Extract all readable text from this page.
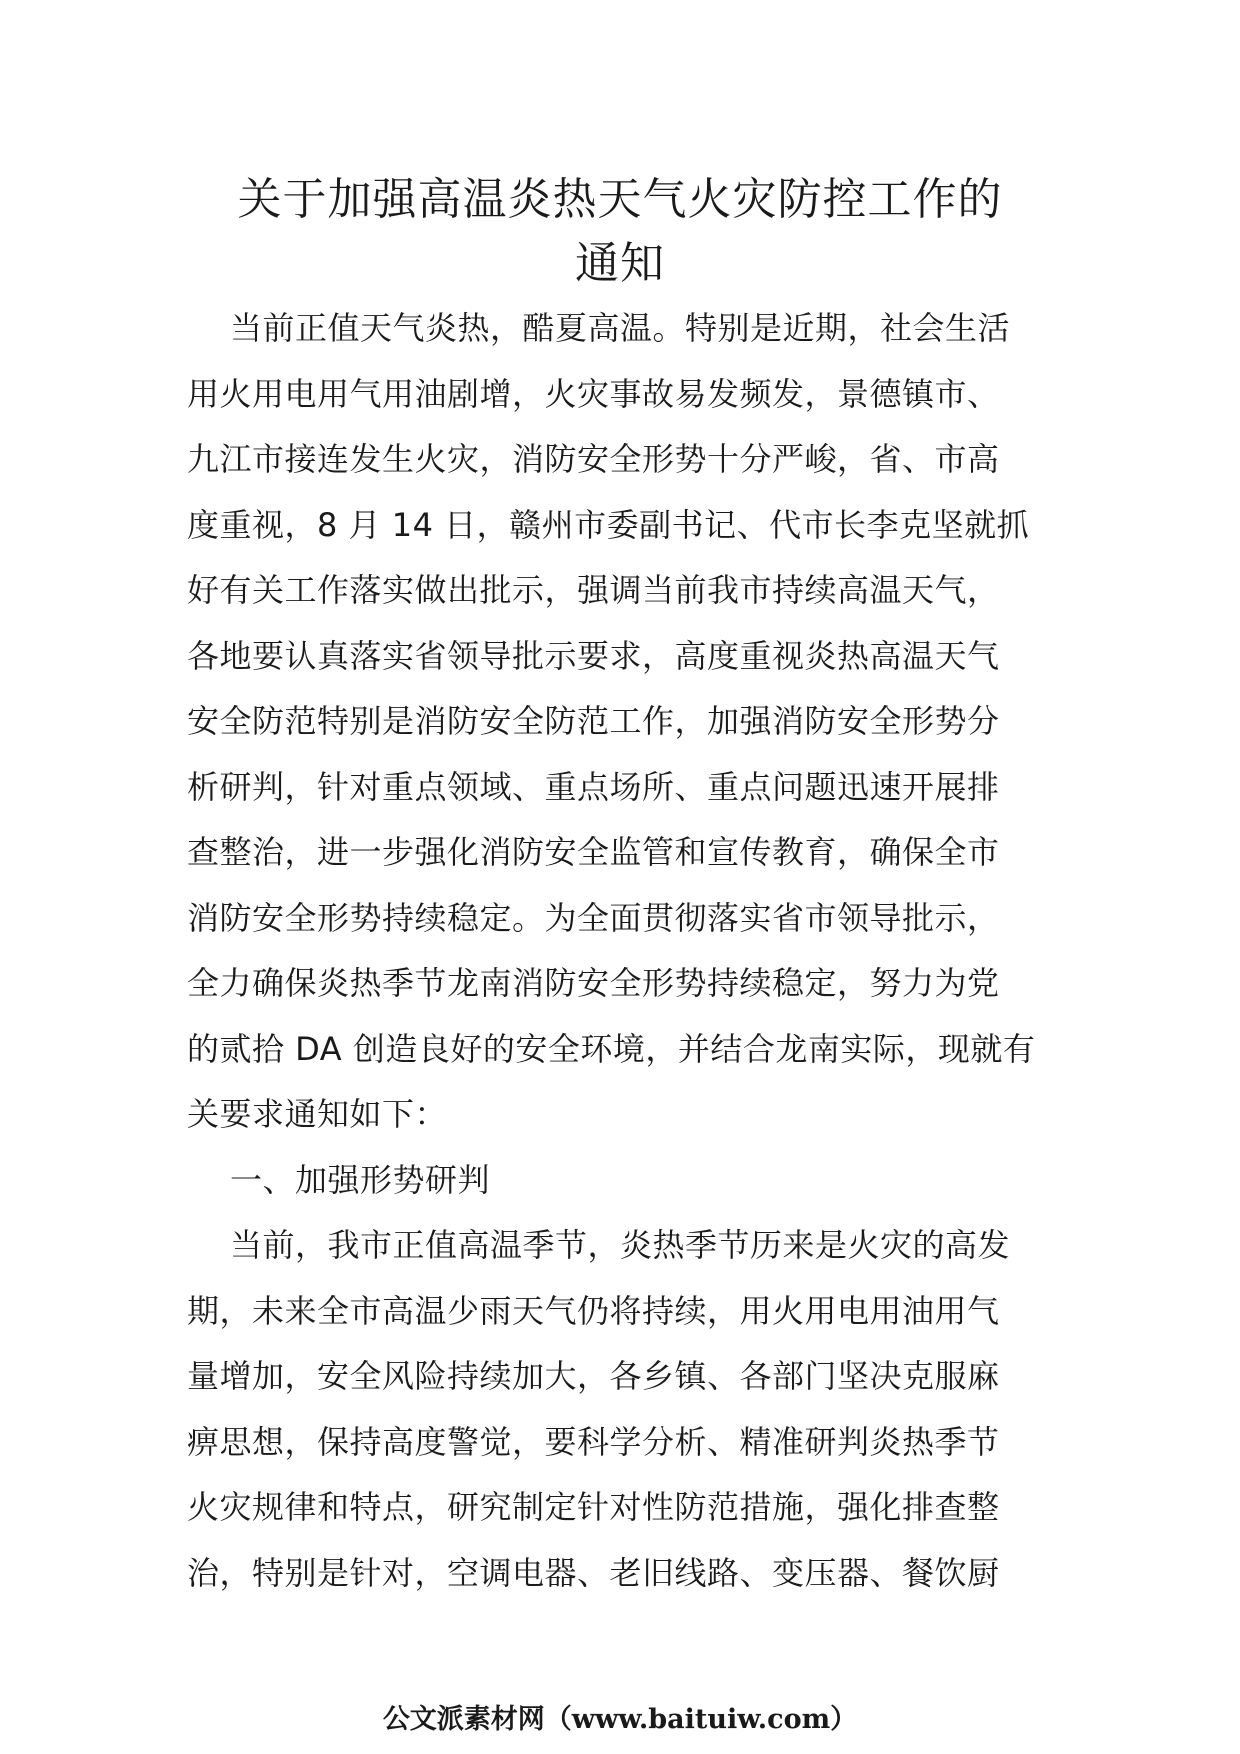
关于加强高温炎热天气火灾防控工作的
通知
当前正值天气炎热，酷夏高温。特别是近期，社会生活
用火用电用气用油剧增，火灾事故易发频发，景德镇市、
九江市接连发生火灾，消防安全形势十分严峻，省、市高
度重视，8 月 14 日，赣州市委副书记、代市长李克坚就抓
好有关工作落实做出批示，强调当前我市持续高温天气，
各地要认真落实省领导批示要求，高度重视炎热高温天气
安全防范特别是消防安全防范工作，加强消防安全形势分
析研判，针对重点领域、重点场所、重点问题迅速开展排
查整治，进一步强化消防安全监管和宣传教育，确保全市
消防安全形势持续稳定。为全面贯彻落实省市领导批示，
全力确保炎热季节龙南消防安全形势持续稳定，努力为党
的贰拾 DA 创造良好的安全环境，并结合龙南实际，现就有
关要求通知如下：
一、加强形势研判
当前，我市正值高温季节，炎热季节历来是火灾的高发
期，未来全市高温少雨天气仍将持续，用火用电用油用气
量增加，安全风险持续加大，各乡镇、各部门坚决克服麻
痹思想，保持高度警觉，要科学分析、精准研判炎热季节
火灾规律和特点，研究制定针对性防范措施，强化排查整
治，特别是针对，空调电器、老旧线路、变压器、餐饮厨
公文派素材网（www.baituiw.com）
